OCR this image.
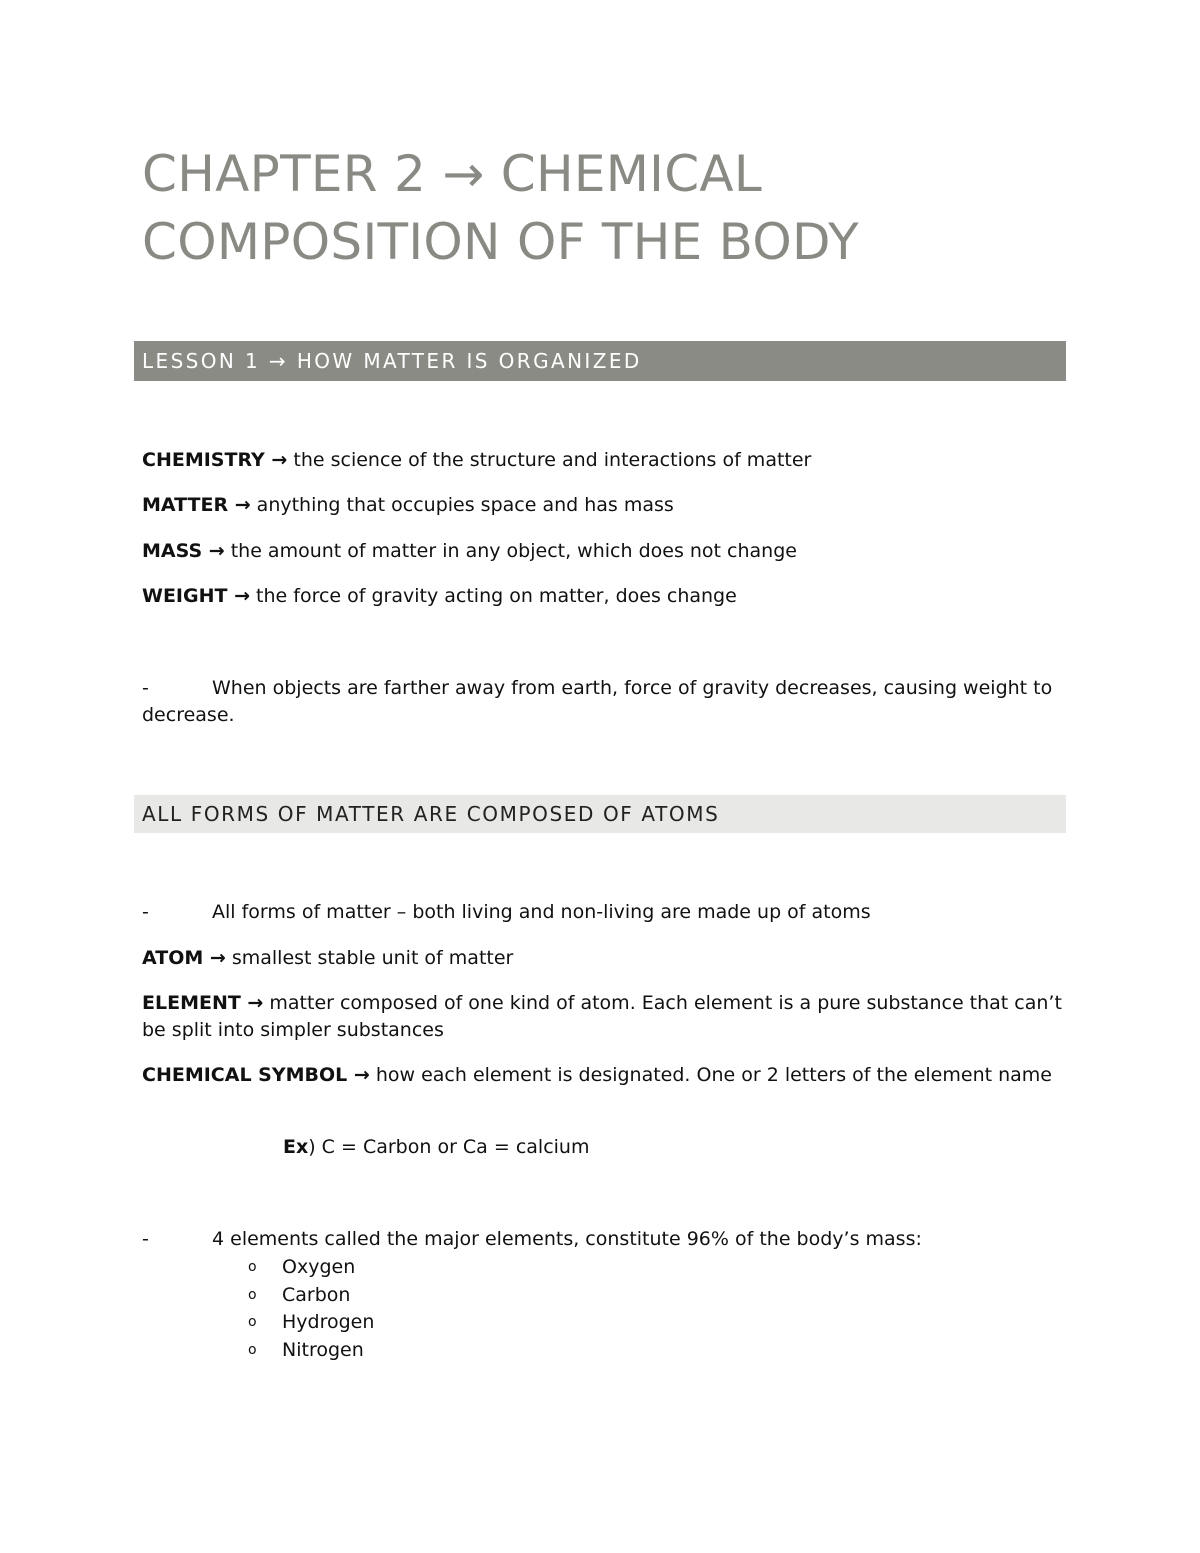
CHAPTER 2 → CHEMICAL
COMPOSITION OF THE BODY
LESSON 1 → HOW MATTER IS ORGANIZED

CHEMISTRY → the science of the structure and interactions of matter

MATTER → anything that occupies space and has mass

MASS → the amount of matter in any object, which does not change

WEIGHT → the force of gravity acting on matter, does change

-	When objects are farther away from earth, force of gravity decreases, causing weight to decrease.

ALL FORMS OF MATTER ARE COMPOSED OF ATOMS

-	All forms of matter – both living and non-living are made up of atoms

ATOM → smallest stable unit of matter

ELEMENT → matter composed of one kind of atom. Each element is a pure substance that can’t be split into simpler substances

CHEMICAL SYMBOL → how each element is designated. One or 2 letters of the element name

Ex) C = Carbon or Ca = calcium

-	4 elements called the major elements, constitute 96% of the body’s mass:

o	Oxygen
o	Carbon
o	Hydrogen
o	Nitrogen
